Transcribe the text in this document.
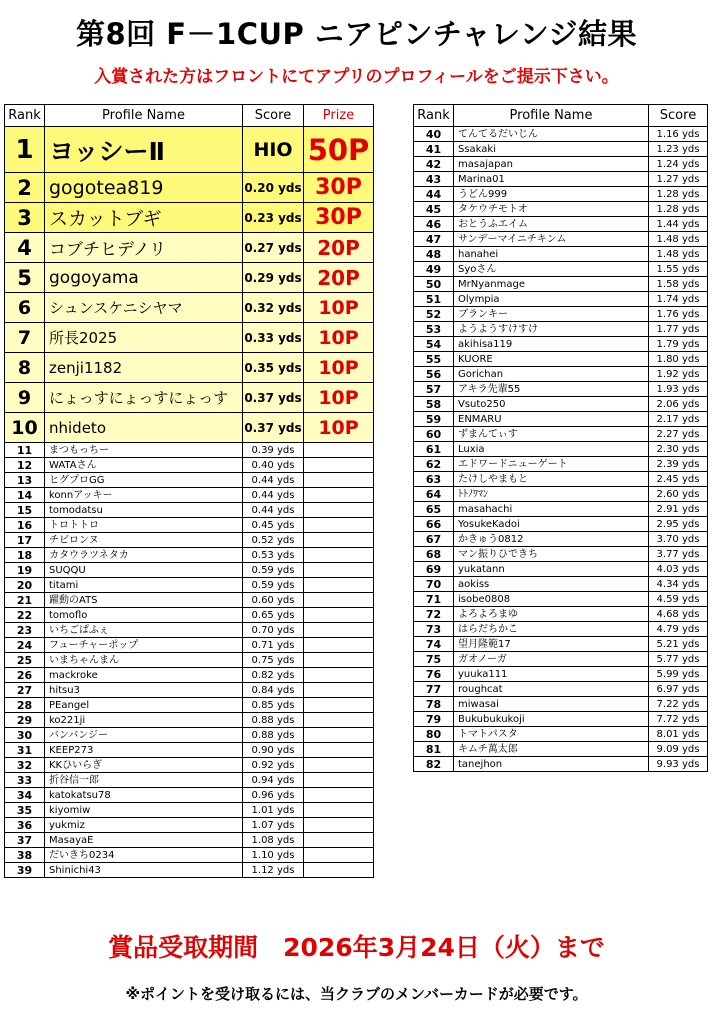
第8回 F－1CUP ニアピンチャレンジ結果
入賞された方はフロントにてアプリのプロフィールをご提示下さい。
Rank	Profile Name	Score	Prize
1	ヨッシーⅡ	HIO	50P
2	gogotea819	0.20 yds	30P
3	スカットブギ	0.23 yds	30P
4	コブチヒデノリ	0.27 yds	20P
5	gogoyama	0.29 yds	20P
6	シュンスケニシヤマ	0.32 yds	10P
7	所長2025	0.33 yds	10P
8	zenji1182	0.35 yds	10P
9	にょっすにょっすにょっす	0.37 yds	10P
10	nhideto	0.37 yds	10P
11	まつもっちー	0.39 yds	
12	WATAさん	0.40 yds	
13	ヒグプロGG	0.44 yds	
14	konnアッキー	0.44 yds	
15	tomodatsu	0.44 yds	
16	トロトトロ	0.45 yds	
17	チビロンヌ	0.52 yds	
18	カタウラツネタカ	0.53 yds	
19	SUQQU	0.59 yds	
20	titami	0.59 yds	
21	躍動のATS	0.60 yds	
22	tomoflo	0.65 yds	
23	いちごぱふぇ	0.70 yds	
24	フューチャーポップ	0.71 yds	
25	いまちゃんまん	0.75 yds	
26	mackroke	0.82 yds	
27	hitsu3	0.84 yds	
28	PEangel	0.85 yds	
29	ko221ji	0.88 yds	
30	バンバンジー	0.88 yds	
31	KEEP273	0.90 yds	
32	KKひいらぎ	0.92 yds	
33	折谷信一郎	0.94 yds	
34	katokatsu78	0.96 yds	
35	kiyomiw	1.01 yds	
36	yukmiz	1.07 yds	
37	MasayaE	1.08 yds	
38	だいきち0234	1.10 yds	
39	Shinichi43	1.12 yds	
Rank	Profile Name	Score
40	てんてるだいじん	1.16 yds
41	Ssakaki	1.23 yds
42	masajapan	1.24 yds
43	Marina01	1.27 yds
44	うどん999	1.28 yds
45	タケウチモトオ	1.28 yds
46	おとうふエイム	1.44 yds
47	サンデーマイニチキンム	1.48 yds
48	hanahei	1.48 yds
49	Syoさん	1.55 yds
50	MrNyanmage	1.58 yds
51	Olympia	1.74 yds
52	ブランキー	1.76 yds
53	ようようすけすけ	1.77 yds
54	akihisa119	1.79 yds
55	KUORE	1.80 yds
56	Gorichan	1.92 yds
57	アキラ先輩55	1.93 yds
58	Vsuto250	2.06 yds
59	ENMARU	2.17 yds
60	ずまんてぃす	2.27 yds
61	Luxia	2.30 yds
62	エドワードニューゲート	2.39 yds
63	たけしやまもと	2.45 yds
64	ﾄﾄﾉﾜﾏﾝ	2.60 yds
65	masahachi	2.91 yds
66	YosukeKadoi	2.95 yds
67	かきゅう0812	3.70 yds
68	マン振りひできち	3.77 yds
69	yukatann	4.03 yds
70	aokiss	4.34 yds
71	isobe0808	4.59 yds
72	よろよろまゆ	4.68 yds
73	はらだちかこ	4.79 yds
74	望月隆範17	5.21 yds
75	ガオノーガ	5.77 yds
76	yuuka111	5.99 yds
77	roughcat	6.97 yds
78	miwasai	7.22 yds
79	Bukubukukoji	7.72 yds
80	トマトパスタ	8.01 yds
81	キムチ萬太郎	9.09 yds
82	tanejhon	9.93 yds
賞品受取期間　2026年3月24日（火）まで
※ポイントを受け取るには、当クラブのメンバーカードが必要です。
